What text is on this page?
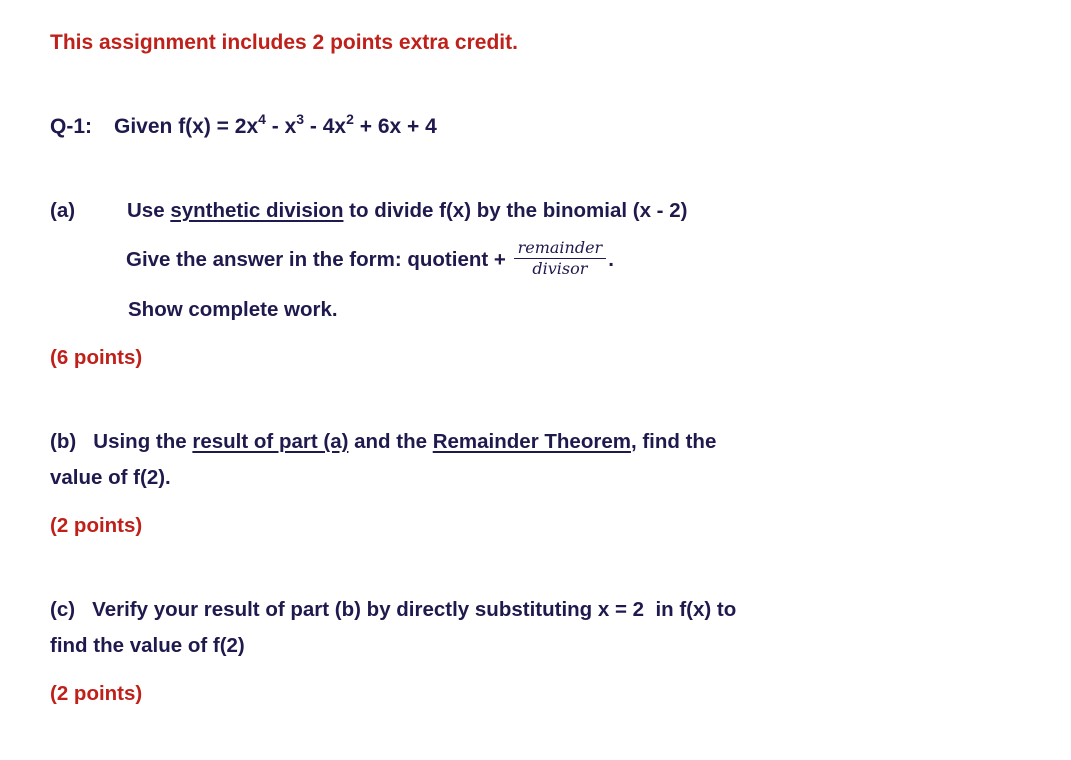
This assignment includes 2 points extra credit.
Q-1: Given $f(x) = 2x^4 - x^3 - 4x^2 + 6x + 4$
(a)	Use synthetic division to divide f(x) by the binomial (x - 2)
Give the answer in the form: quotient + $\frac{\text{remainder}}{\text{divisor}}$ .
Show complete work.
(6 points)
(b)   Using the result of part (a) and the Remainder Theorem, find the
value of f(2).
(2 points)
(c)   Verify your result of part (b) by directly substituting x = 2  in f(x) to
find the value of f(2)
(2 points)
